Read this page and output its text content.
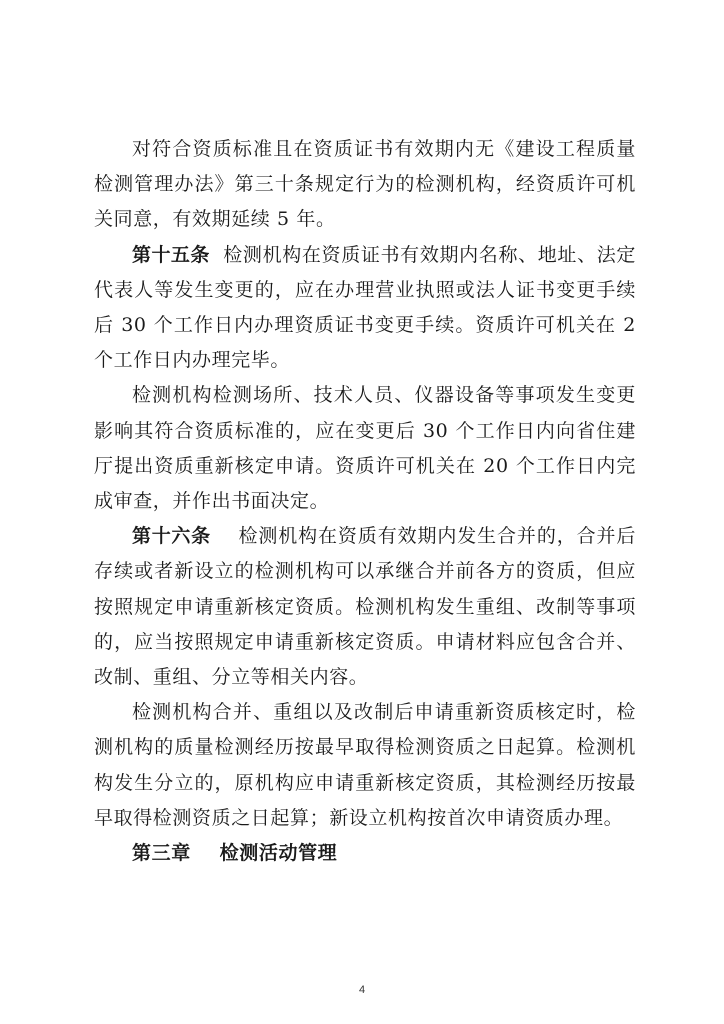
对符合资质标准且在资质证书有效期内无《建设工程质量检测管理办法》第三十条规定行为的检测机构，经资质许可机关同意，有效期延续 5 年。

第十五条 检测机构在资质证书有效期内名称、地址、法定代表人等发生变更的，应在办理营业执照或法人证书变更手续后 30 个工作日内办理资质证书变更手续。资质许可机关在 2 个工作日内办理完毕。

检测机构检测场所、技术人员、仪器设备等事项发生变更影响其符合资质标准的，应在变更后 30 个工作日内向省住建厅提出资质重新核定申请。资质许可机关在 20 个工作日内完成审查，并作出书面决定。

第十六条 检测机构在资质有效期内发生合并的，合并后存续或者新设立的检测机构可以承继合并前各方的资质，但应按照规定申请重新核定资质。检测机构发生重组、改制等事项的，应当按照规定申请重新核定资质。申请材料应包含合并、改制、重组、分立等相关内容。

检测机构合并、重组以及改制后申请重新资质核定时，检测机构的质量检测经历按最早取得检测资质之日起算。检测机构发生分立的，原机构应申请重新核定资质，其检测经历按最早取得检测资质之日起算；新设立机构按首次申请资质办理。

第三章 检测活动管理

4
